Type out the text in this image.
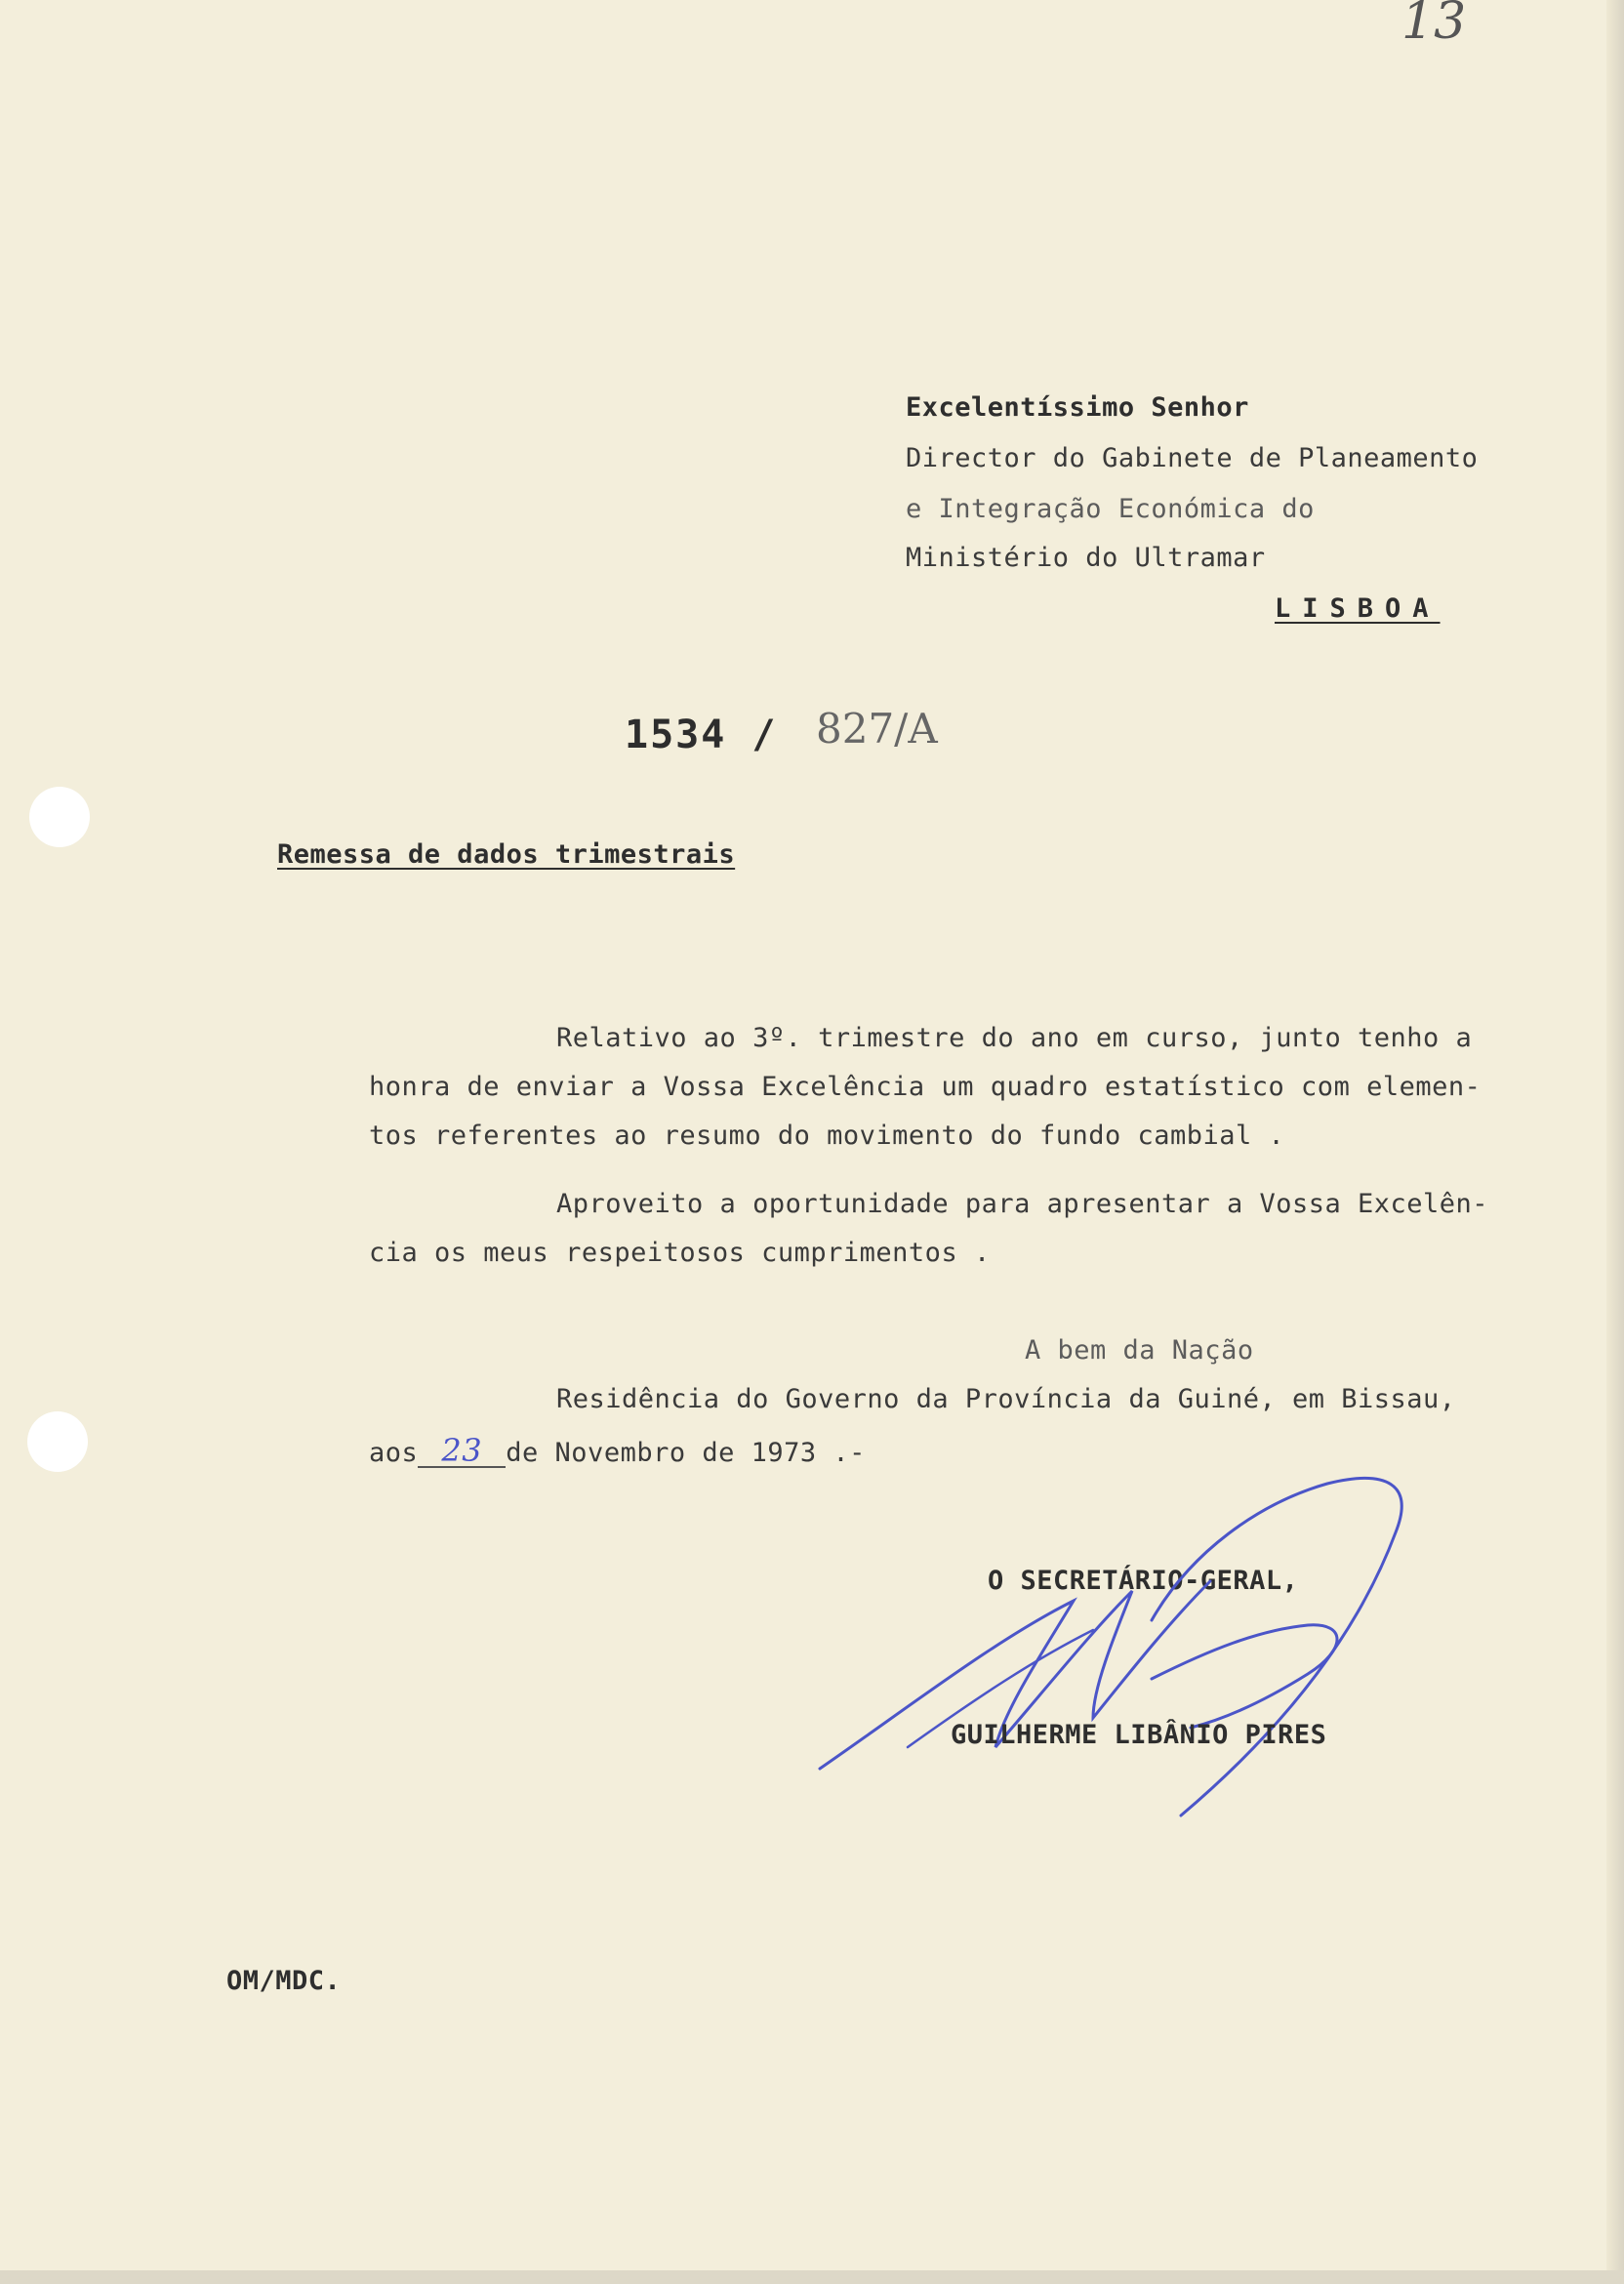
13

Excelentíssimo Senhor

Director do Gabinete de Planeamento

e Integração Económica do

Ministério do Ultramar

LISBOA

1534 / 827/A

Remessa de dados trimestrais

Relativo ao 3º. trimestre do ano em curso, junto tenho a

honra de enviar a Vossa Excelência um quadro estatístico com elemen-

tos referentes ao resumo do movimento do fundo cambial .

Aproveito a oportunidade para apresentar a Vossa Excelên-

cia os meus respeitosos cumprimentos .

A bem da Nação

Residência do Governo da Província da Guiné, em Bissau,

aos 23 de Novembro de 1973 .-

O SECRETÁRIO-GERAL,

GUILHERME LIBÂNIO PIRES

OM/MDC.
